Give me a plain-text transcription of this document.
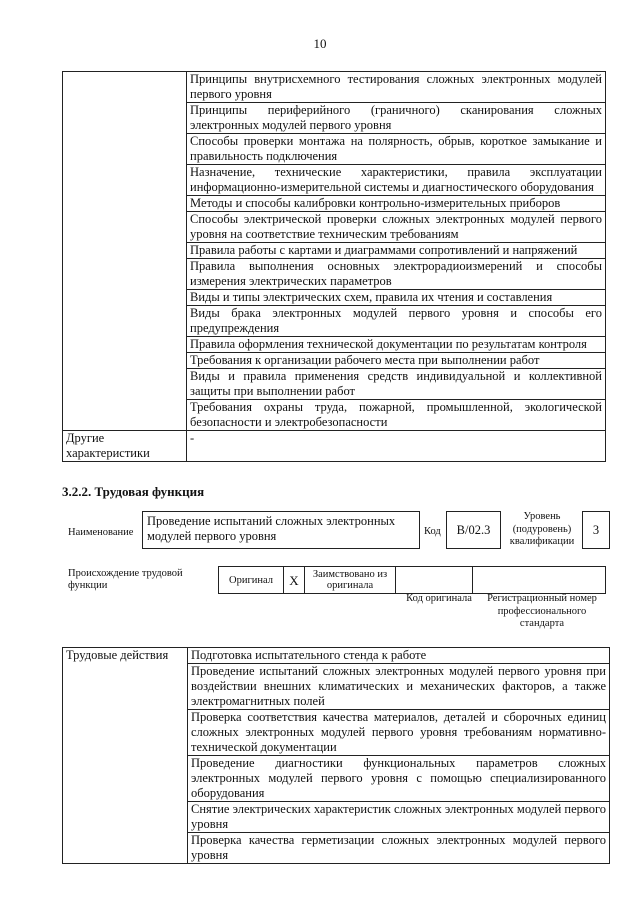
10
	Принципы внутрисхемного тестирования сложных электронных модулей первого уровня
	Принципы периферийного (граничного) сканирования сложных электронных модулей первого уровня
	Способы проверки монтажа на полярность, обрыв, короткое замыкание и правильность подключения
	Назначение, технические характеристики, правила эксплуатации информационно-измерительной системы и диагностического оборудования
	Методы и способы калибровки контрольно-измерительных приборов
	Способы электрической проверки сложных электронных модулей первого уровня на соответствие техническим требованиям
	Правила работы с картами и диаграммами сопротивлений и напряжений
	Правила выполнения основных электрорадиоизмерений и способы измерения электрических параметров
	Виды и типы электрических схем, правила их чтения и составления
	Виды брака электронных модулей первого уровня и способы его предупреждения
	Правила оформления технической документации по результатам контроля
	Требования к организации рабочего места при выполнении работ
	Виды и правила применения средств индивидуальной и коллективной защиты при выполнении работ
	Требования охраны труда, пожарной, промышленной, экологической безопасности и электробезопасности
Другие характеристики	-
3.2.2. Трудовая функция
Наименование
Проведение испытаний сложных электронных модулей первого уровня	Код	В/02.3
Уровень (подуровень) квалификации
3
Происхождение трудовой функции	Оригинал	X	Заимствовано из оригинала		
Код оригинала	Регистрационный номер профессионального стандарта
Трудовые действия	Подготовка испытательного стенда к работе
Проведение испытаний сложных электронных модулей первого уровня при воздействии внешних климатических и механических факторов, а также электромагнитных полей
Проверка соответствия качества материалов, деталей и сборочных единиц сложных электронных модулей первого уровня требованиям нормативно-технической документации
Проведение диагностики функциональных параметров сложных электронных модулей первого уровня с помощью специализированного оборудования
Снятие электрических характеристик сложных электронных модулей первого уровня
Проверка качества герметизации сложных электронных модулей первого уровня
